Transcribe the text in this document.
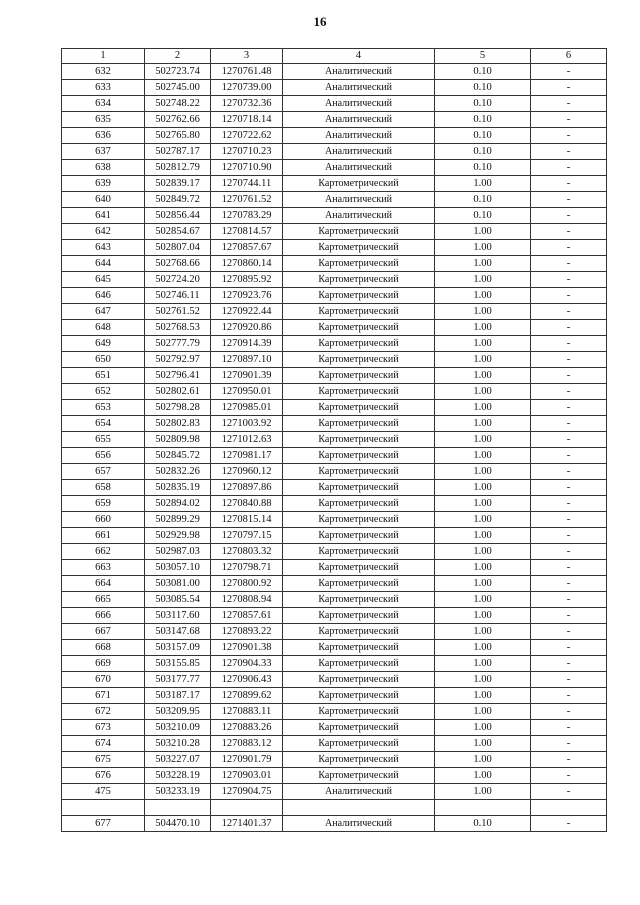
16
1	2	3	4	5	6
632	502723.74	1270761.48	Аналитический	0.10	-
633	502745.00	1270739.00	Аналитический	0.10	-
634	502748.22	1270732.36	Аналитический	0.10	-
635	502762.66	1270718.14	Аналитический	0.10	-
636	502765.80	1270722.62	Аналитический	0.10	-
637	502787.17	1270710.23	Аналитический	0.10	-
638	502812.79	1270710.90	Аналитический	0.10	-
639	502839.17	1270744.11	Картометрический	1.00	-
640	502849.72	1270761.52	Аналитический	0.10	-
641	502856.44	1270783.29	Аналитический	0.10	-
642	502854.67	1270814.57	Картометрический	1.00	-
643	502807.04	1270857.67	Картометрический	1.00	-
644	502768.66	1270860.14	Картометрический	1.00	-
645	502724.20	1270895.92	Картометрический	1.00	-
646	502746.11	1270923.76	Картометрический	1.00	-
647	502761.52	1270922.44	Картометрический	1.00	-
648	502768.53	1270920.86	Картометрический	1.00	-
649	502777.79	1270914.39	Картометрический	1.00	-
650	502792.97	1270897.10	Картометрический	1.00	-
651	502796.41	1270901.39	Картометрический	1.00	-
652	502802.61	1270950.01	Картометрический	1.00	-
653	502798.28	1270985.01	Картометрический	1.00	-
654	502802.83	1271003.92	Картометрический	1.00	-
655	502809.98	1271012.63	Картометрический	1.00	-
656	502845.72	1270981.17	Картометрический	1.00	-
657	502832.26	1270960.12	Картометрический	1.00	-
658	502835.19	1270897.86	Картометрический	1.00	-
659	502894.02	1270840.88	Картометрический	1.00	-
660	502899.29	1270815.14	Картометрический	1.00	-
661	502929.98	1270797.15	Картометрический	1.00	-
662	502987.03	1270803.32	Картометрический	1.00	-
663	503057.10	1270798.71	Картометрический	1.00	-
664	503081.00	1270800.92	Картометрический	1.00	-
665	503085.54	1270808.94	Картометрический	1.00	-
666	503117.60	1270857.61	Картометрический	1.00	-
667	503147.68	1270893.22	Картометрический	1.00	-
668	503157.09	1270901.38	Картометрический	1.00	-
669	503155.85	1270904.33	Картометрический	1.00	-
670	503177.77	1270906.43	Картометрический	1.00	-
671	503187.17	1270899.62	Картометрический	1.00	-
672	503209.95	1270883.11	Картометрический	1.00	-
673	503210.09	1270883.26	Картометрический	1.00	-
674	503210.28	1270883.12	Картометрический	1.00	-
675	503227.07	1270901.79	Картометрический	1.00	-
676	503228.19	1270903.01	Картометрический	1.00	-
475	503233.19	1270904.75	Аналитический	1.00	-

677	504470.10	1271401.37	Аналитический	0.10	-
